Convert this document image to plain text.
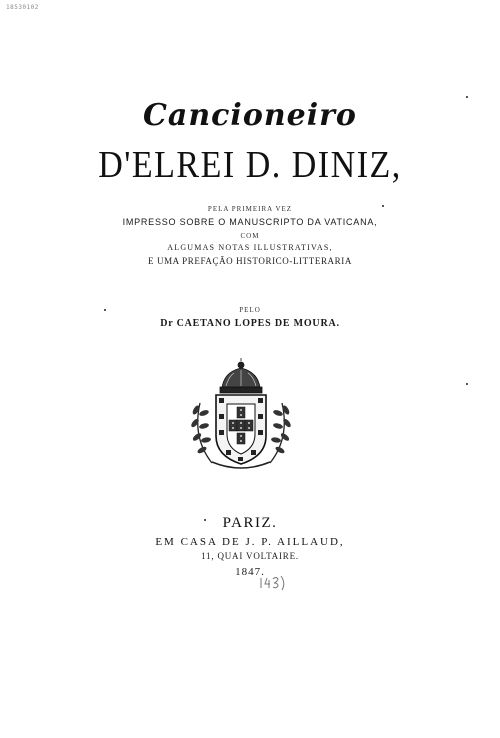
18530102
Cancioneiro
D'ELREI D. DINIZ,
PELA PRIMEIRA VEZ
IMPRESSO SOBRE O MANUSCRIPTO DA VATICANA,
COM
ALGUMAS NOTAS ILLUSTRATIVAS,
E UMA PREFAÇÃO HISTORICO-LITTERARIA
PELO
Dr CAETANO LOPES DE MOURA.
PARIZ.
EM CASA DE J. P. AILLAUD,
11, QUAI VOLTAIRE.
1847.
